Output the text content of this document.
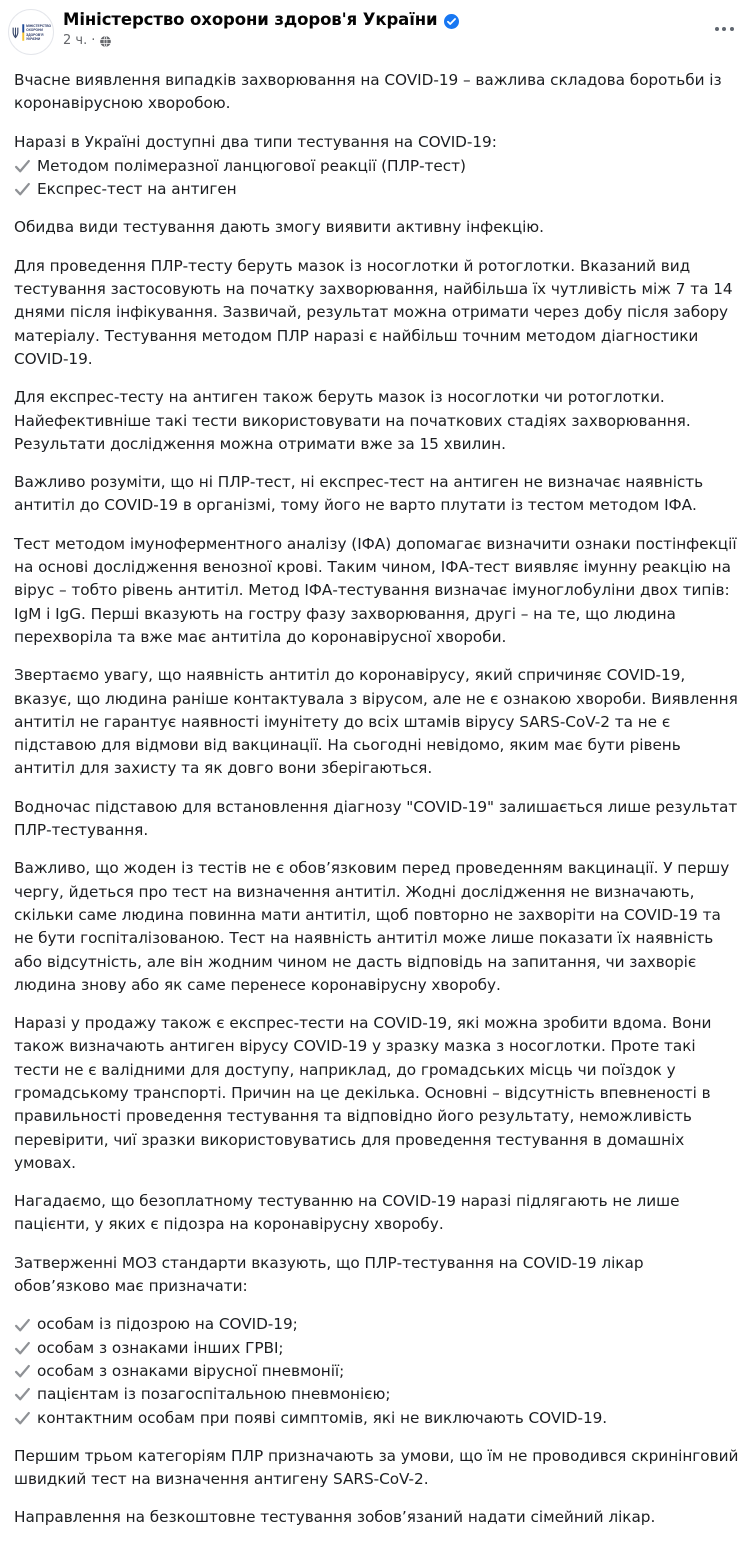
МІНІСТЕРСТВО
ОХОРОНИ
ЗДОРОВ'Я
УКРАЇНИ
Міністерство охорони здоров'я України
2 ч. ·

Вчасне виявлення випадків захворювання на COVID-19 – важлива складова боротьби із коронавірусною хворобою.

Наразі в Україні доступні два типи тестування на COVID-19:

Методом полімеразної ланцюгової реакції (ПЛР-тест)
Експрес-тест на антиген

Обидва види тестування дають змогу виявити активну інфекцію.

Для проведення ПЛР-тесту беруть мазок із носоглотки й ротоглотки. Вказаний вид тестування застосовують на початку захворювання, найбільша їх чутливість між 7 та 14 днями після інфікування. Зазвичай, результат можна отримати через добу після забору матеріалу. Тестування методом ПЛР наразі є найбільш точним методом діагностики COVID-19.

Для експрес-тесту на антиген також беруть мазок із носоглотки чи ротоглотки. Найефективніше такі тести використовувати на початкових стадіях захворювання. Результати дослідження можна отримати вже за 15 хвилин.

Важливо розуміти, що ні ПЛР-тест, ні експрес-тест на антиген не визначає наявність антитіл до COVID-19 в організмі, тому його не варто плутати із тестом методом ІФА.

Тест методом імуноферментного аналізу (ІФА) допомагає визначити ознаки постінфекції на основі дослідження венозної крові. Таким чином, ІФА-тест виявляє імунну реакцію на вірус – тобто рівень антитіл. Метод ІФА-тестування визначає імуноглобуліни двох типів: IgM і IgG. Перші вказують на гостру фазу захворювання, другі – на те, що людина перехворіла та вже має антитіла до коронавірусної хвороби.

Звертаємо увагу, що наявність антитіл до коронавірусу, який спричиняє COVID-19, вказує, що людина раніше контактувала з вірусом, але не є ознакою хвороби. Виявлення антитіл не гарантує наявності імунітету до всіх штамів вірусу SARS-CoV-2 та не є підставою для відмови від вакцинації. На сьогодні невідомо, яким має бути рівень антитіл для захисту та як довго вони зберігаються.

Водночас підставою для встановлення діагнозу "COVID-19" залишається лише результат ПЛР-тестування.

Важливо, що жоден із тестів не є обов’язковим перед проведенням вакцинації. У першу чергу, йдеться про тест на визначення антитіл. Жодні дослідження не визначають, скільки саме людина повинна мати антитіл, щоб повторно не захворіти на COVID-19 та не бути госпіталізованою. Тест на наявність антитіл може лише показати їх наявність або відсутність, але він жодним чином не дасть відповідь на запитання, чи захворіє людина знову або як саме перенесе коронавірусну хворобу.

Наразі у продажу також є експрес-тести на COVID-19, які можна зробити вдома. Вони також визначають антиген вірусу COVID-19 у зразку мазка з носоглотки. Проте такі тести не є валідними для доступу, наприклад, до громадських місць чи поїздок у громадському транспорті. Причин на це декілька. Основні – відсутність впевненості в правильності проведення тестування та відповідно його результату, неможливість перевірити, чиї зразки використовуватись для проведення тестування в домашніх умовах.

Нагадаємо, що безоплатному тестуванню на COVID-19 наразі підлягають не лише пацієнти, у яких є підозра на коронавірусну хворобу.

Затверженні МОЗ стандарти вказують, що ПЛР-тестування на COVID-19 лікар обов’язково має призначати:

особам із підозрою на COVID-19;
особам з ознаками інших ГРВІ;
особам з ознаками вірусної пневмонії;
пацієнтам із позагоспітальною пневмонією;
контактним особам при появі симптомів, які не виключають COVID-19.

Першим трьом категоріям ПЛР призначають за умови, що їм не проводився скринінговий швидкий тест на визначення антигену SARS-CoV-2.

Направлення на безкоштовне тестування зобов’язаний надати сімейний лікар.
